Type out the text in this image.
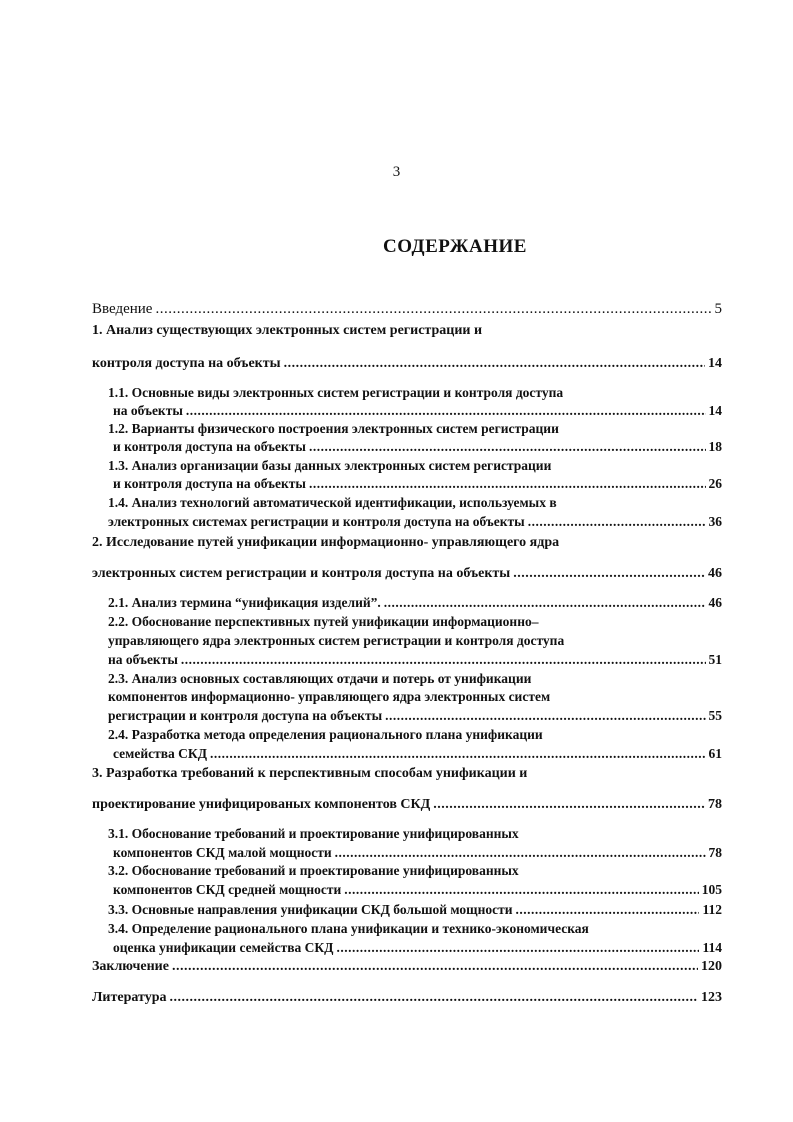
3
СОДЕРЖАНИЕ
Введение .....	5
1. Анализ существующих электронных систем регистрации и
контроля доступа на объекты .....	14
1.1. Основные виды электронных систем регистрации и контроля доступа
на объекты .....	14
1.2. Варианты физического построения электронных систем регистрации
и контроля доступа на объекты .....	18
1.3. Анализ организации базы данных электронных систем регистрации
и контроля доступа на объекты .....	26
1.4. Анализ технологий автоматической идентификации, используемых в
электронных системах регистрации и контроля доступа на объекты .....	36
2. Исследование путей унификации информационно- управляющего ядра
электронных систем регистрации и контроля доступа на объекты .....	46
2.1. Анализ термина “унификация изделий”. .....	46
2.2. Обоснование перспективных путей унификации информационно–
управляющего ядра электронных систем регистрации и контроля доступа
на объекты .....	51
2.3. Анализ основных составляющих отдачи и потерь от унификации
компонентов информационно- управляющего ядра электронных систем
регистрации и контроля доступа на объекты .....	55
2.4. Разработка метода определения рационального плана унификации
семейства СКД .....	61
3. Разработка требований к перспективным способам унификации и
проектирование унифицированых компонентов СКД .....	78
3.1. Обоснование требований и проектирование унифицированных
компонентов СКД малой мощности .....	78
3.2. Обоснование требований и проектирование унифицированных
компонентов СКД средней мощности .....	105
3.3. Основные направления унификации СКД большой мощности .....	112
3.4. Определение рационального плана унификации и технико-экономическая
оценка унификации семейства СКД .....	114
Заключение .....	120
Литература .....	123
